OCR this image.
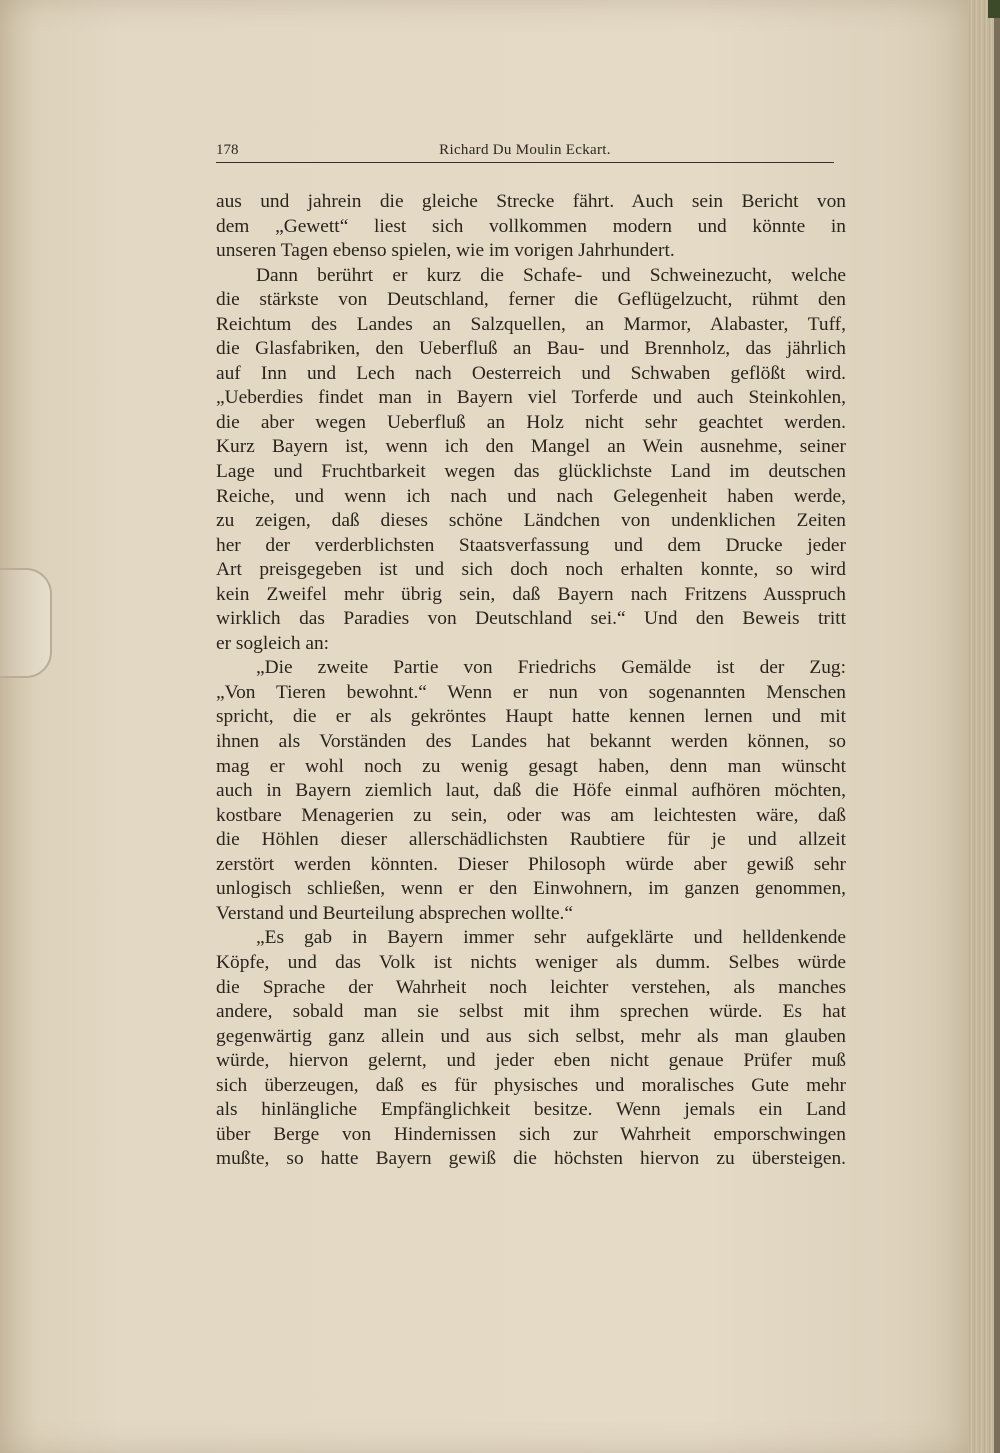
178	Richard Du Moulin Eckart.
aus und jahrein die gleiche Strecke fährt. Auch sein Bericht von
dem „Gewett“ liest sich vollkommen modern und könnte in
unseren Tagen ebenso spielen, wie im vorigen Jahrhundert.
Dann berührt er kurz die Schafe- und Schweinezucht, welche
die stärkste von Deutschland, ferner die Geflügelzucht, rühmt den
Reichtum des Landes an Salzquellen, an Marmor, Alabaster, Tuff,
die Glasfabriken, den Ueberfluß an Bau- und Brennholz, das jährlich
auf Inn und Lech nach Oesterreich und Schwaben geflößt wird.
„Ueberdies findet man in Bayern viel Torferde und auch Steinkohlen,
die aber wegen Ueberfluß an Holz nicht sehr geachtet werden.
Kurz Bayern ist, wenn ich den Mangel an Wein ausnehme, seiner
Lage und Fruchtbarkeit wegen das glücklichste Land im deutschen
Reiche, und wenn ich nach und nach Gelegenheit haben werde,
zu zeigen, daß dieses schöne Ländchen von undenklichen Zeiten
her der verderblichsten Staatsverfassung und dem Drucke jeder
Art preisgegeben ist und sich doch noch erhalten konnte, so wird
kein Zweifel mehr übrig sein, daß Bayern nach Fritzens Ausspruch
wirklich das Paradies von Deutschland sei.“ Und den Beweis tritt
er sogleich an:
„Die zweite Partie von Friedrichs Gemälde ist der Zug:
„Von Tieren bewohnt.“ Wenn er nun von sogenannten Menschen
spricht, die er als gekröntes Haupt hatte kennen lernen und mit
ihnen als Vorständen des Landes hat bekannt werden können, so
mag er wohl noch zu wenig gesagt haben, denn man wünscht
auch in Bayern ziemlich laut, daß die Höfe einmal aufhören möchten,
kostbare Menagerien zu sein, oder was am leichtesten wäre, daß
die Höhlen dieser allerschädlichsten Raubtiere für je und allzeit
zerstört werden könnten. Dieser Philosoph würde aber gewiß sehr
unlogisch schließen, wenn er den Einwohnern, im ganzen genommen,
Verstand und Beurteilung absprechen wollte.“
„Es gab in Bayern immer sehr aufgeklärte und helldenkende
Köpfe, und das Volk ist nichts weniger als dumm. Selbes würde
die Sprache der Wahrheit noch leichter verstehen, als manches
andere, sobald man sie selbst mit ihm sprechen würde. Es hat
gegenwärtig ganz allein und aus sich selbst, mehr als man glauben
würde, hiervon gelernt, und jeder eben nicht genaue Prüfer muß
sich überzeugen, daß es für physisches und moralisches Gute mehr
als hinlängliche Empfänglichkeit besitze. Wenn jemals ein Land
über Berge von Hindernissen sich zur Wahrheit emporschwingen
mußte, so hatte Bayern gewiß die höchsten hiervon zu übersteigen.
